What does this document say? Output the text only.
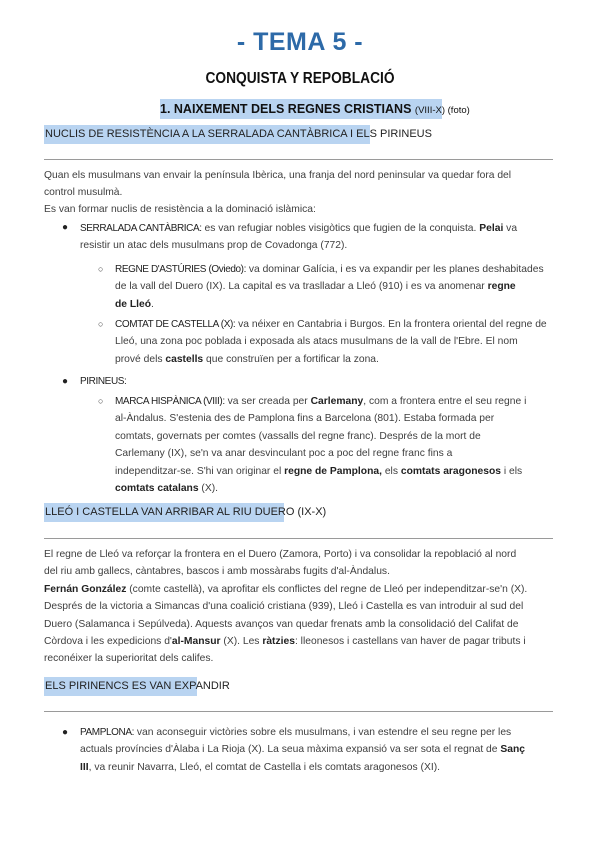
- TEMA 5 -
CONQUISTA Y REPOBLACIÓ
1. NAIXEMENT DELS REGNES CRISTIANS (VIII-X) (foto)
NUCLIS DE RESISTÈNCIA A LA SERRALADA CANTÀBRICA I ELS PIRINEUS
Quan els musulmans van envair la península Ibèrica, una franja del nord peninsular va quedar fora del
control musulmà.
Es van formar nuclis de resistència a la dominació islàmica:
● SERRALADA CANTÀBRICA: es van refugiar nobles visigòtics que fugien de la conquista. Pelai va
resistir un atac dels musulmans prop de Covadonga (772).
○ REGNE D'ASTÚRIES (Oviedo): va dominar Galícia, i es va expandir per les planes deshabitades
de la vall del Duero (IX). La capital es va traslladar a Lleó (910) i es va anomenar regne
de Lleó.
○ COMTAT DE CASTELLA (X): va néixer en Cantabria i Burgos. En la frontera oriental del regne de
Lleó, una zona poc poblada i exposada als atacs musulmans de la vall de l'Ebre. El nom
prové dels castells que construïen per a fortificar la zona.
● PIRINEUS:
○ MARCA HISPÀNICA (VIII): va ser creada per Carlemany, com a frontera entre el seu regne i
al-Àndalus. S'estenia des de Pamplona fins a Barcelona (801). Estaba formada per
comtats, governats per comtes (vassalls del regne franc). Després de la mort de
Carlemany (IX), se'n va anar desvinculant poc a poc del regne franc fins a
independitzar-se. S'hi van originar el regne de Pamplona, els comtats aragonesos i els
comtats catalans (X).
LLEÓ I CASTELLA VAN ARRIBAR AL RIU DUERO (IX-X)
El regne de Lleó va reforçar la frontera en el Duero (Zamora, Porto) i va consolidar la repoblació al nord
del riu amb gallecs, càntabres, bascos i amb mossàrabs fugits d'al-Àndalus.
Fernán González (comte castellà), va aprofitar els conflictes del regne de Lleó per independitzar-se'n (X).
Després de la victoria a Simancas d'una coalició cristiana (939), Lleó i Castella es van introduir al sud del
Duero (Salamanca i Sepúlveda). Aquests avanços van quedar frenats amb la consolidació del Califat de
Còrdova i les expedicions d'al-Mansur (X). Les ràtzies: lleonesos i castellans van haver de pagar tributs i
reconéixer la superioritat dels califes.
ELS PIRINENCS ES VAN EXPANDIR
● PAMPLONA: van aconseguir victòries sobre els musulmans, i van estendre el seu regne per les
actuals províncies d'Àlaba i La Rioja (X). La seua màxima expansió va ser sota el regnat de Sanç
III, va reunir Navarra, Lleó, el comtat de Castella i els comtats aragonesos (XI).
